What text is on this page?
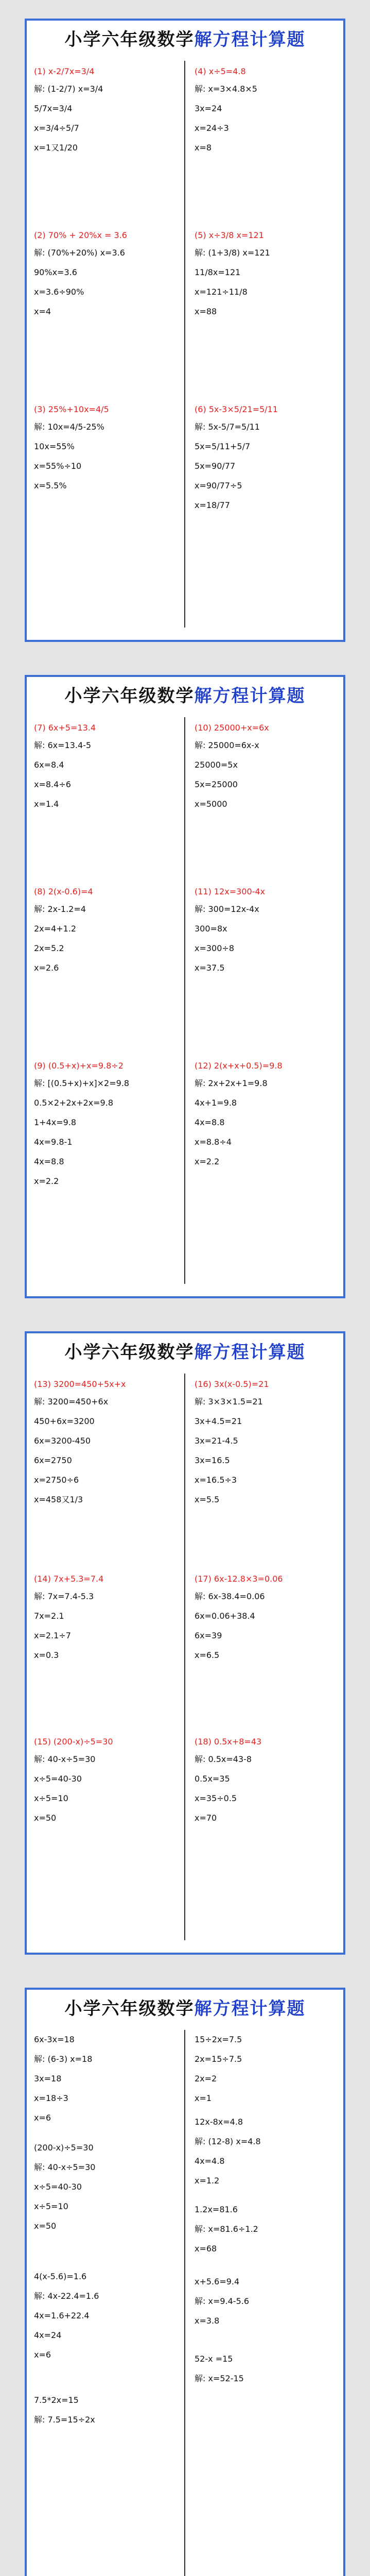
小学六年级数学解方程计算题
(1) x-2/7x=3/4
解: (1-2/7) x=3/4
5/7x=3/4
x=3/4÷5/7
x=1又1/20
(2) 70% + 20%x = 3.6
解: (70%+20%) x=3.6
90%x=3.6
x=3.6÷90%
x=4
(3) 25%+10x=4/5
解: 10x=4/5-25%
10x=55%
x=55%÷10
x=5.5%
(4) x÷5=4.8
解: x=3×4.8×5
3x=24
x=24÷3
x=8
(5) x÷3/8 x=121
解: (1+3/8) x=121
11/8x=121
x=121÷11/8
x=88
(6) 5x-3×5/21=5/11
解: 5x-5/7=5/11
5x=5/11+5/7
5x=90/77
x=90/77÷5
x=18/77
小学六年级数学解方程计算题
(7) 6x+5=13.4
解: 6x=13.4-5
6x=8.4
x=8.4÷6
x=1.4
(8) 2(x-0.6)=4
解: 2x-1.2=4
2x=4+1.2
2x=5.2
x=2.6
(9) (0.5+x)+x=9.8÷2
解: [(0.5+x)+x]×2=9.8
0.5×2+2x+2x=9.8
1+4x=9.8
4x=9.8-1
4x=8.8
x=2.2
(10) 25000+x=6x
解: 25000=6x-x
25000=5x
5x=25000
x=5000
(11) 12x=300-4x
解: 300=12x-4x
300=8x
x=300÷8
x=37.5
(12) 2(x+x+0.5)=9.8
解: 2x+2x+1=9.8
4x+1=9.8
4x=8.8
x=8.8÷4
x=2.2
小学六年级数学解方程计算题
(13) 3200=450+5x+x
解: 3200=450+6x
450+6x=3200
6x=3200-450
6x=2750
x=2750÷6
x=458又1/3
(14) 7x+5.3=7.4
解: 7x=7.4-5.3
7x=2.1
x=2.1÷7
x=0.3
(15) (200-x)÷5=30
解: 40-x÷5=30
x÷5=40-30
x÷5=10
x=50
(16) 3x(x-0.5)=21
解: 3×3×1.5=21
3x+4.5=21
3x=21-4.5
3x=16.5
x=16.5÷3
x=5.5
(17) 6x-12.8×3=0.06
解: 6x-38.4=0.06
6x=0.06+38.4
6x=39
x=6.5
(18) 0.5x+8=43
解: 0.5x=43-8
0.5x=35
x=35÷0.5
x=70
小学六年级数学解方程计算题
6x-3x=18
解: (6-3) x=18
3x=18
x=18÷3
x=6
(200-x)÷5=30
解: 40-x÷5=30
x÷5=40-30
x÷5=10
x=50
4(x-5.6)=1.6
解: 4x-22.4=1.6
4x=1.6+22.4
4x=24
x=6
7.5*2x=15
解: 7.5=15÷2x
15÷2x=7.5
2x=15÷7.5
2x=2
x=1
12x-8x=4.8
解: (12-8) x=4.8
4x=4.8
x=1.2
1.2x=81.6
解: x=81.6÷1.2
x=68
x+5.6=9.4
解: x=9.4-5.6
x=3.8
52-x =15
解: x=52-15
